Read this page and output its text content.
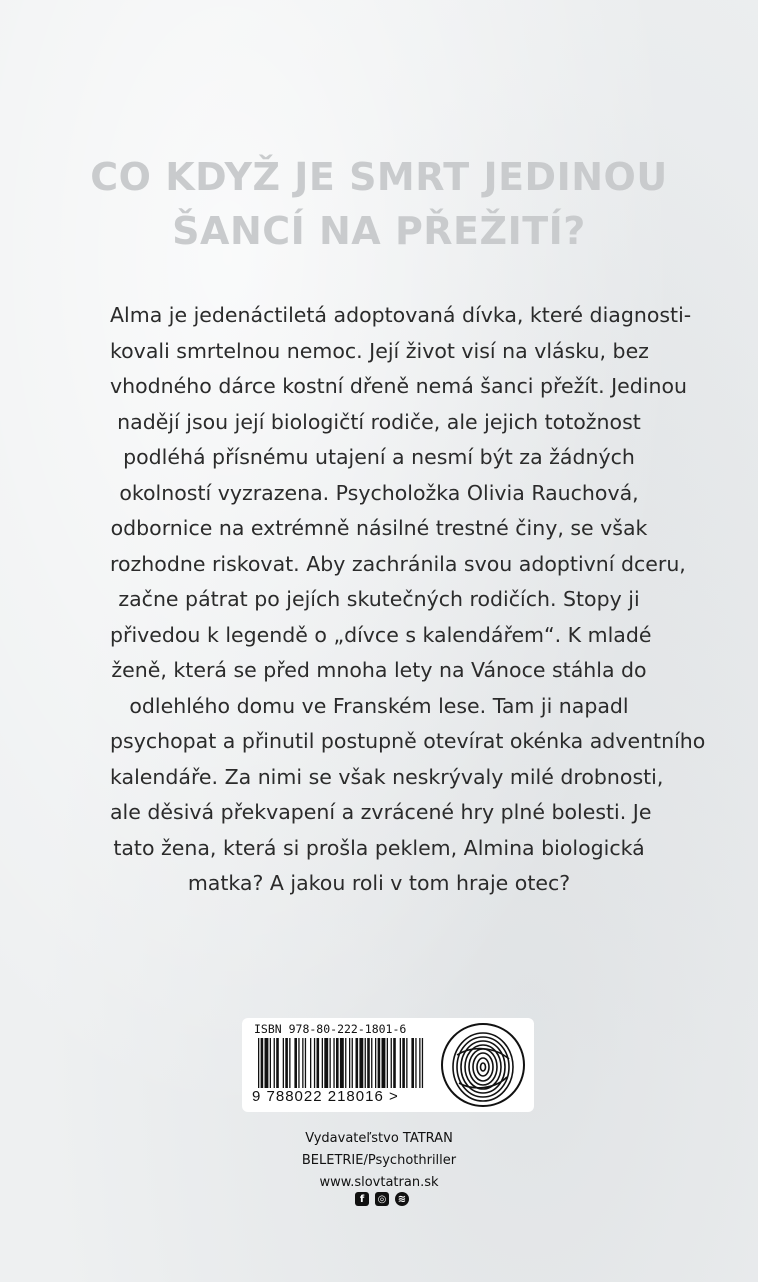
CO KDYŽ JE SMRT JEDINOU
ŠANCÍ NA PŘEŽITÍ?

Alma je jedenáctiletá adoptovaná dívka, které diagnosti-
kovali smrtelnou nemoc. Její život visí na vlásku, bez
vhodného dárce kostní dřeně nemá šanci přežít. Jedinou
nadějí jsou její biologičtí rodiče, ale jejich totožnost
podléhá přísnému utajení a nesmí být za žádných
okolností vyzrazena. Psycholožka Olivia Rauchová,
odbornice na extrémně násilné trestné činy, se však
rozhodne riskovat. Aby zachránila svou adoptivní dceru,
začne pátrat po jejích skutečných rodičích. Stopy ji
přivedou k legendě o „dívce s kalendářem“. K mladé
ženě, která se před mnoha lety na Vánoce stáhla do
odlehlého domu ve Franském lese. Tam ji napadl
psychopat a přinutil postupně otevírat okénka adventního
kalendáře. Za nimi se však neskrývaly milé drobnosti,
ale děsivá překvapení a zvrácené hry plné bolesti. Je
tato žena, která si prošla peklem, Almina biologická
matka? A jakou roli v tom hraje otec?

ISBN 978-80-222-1801-6
9 788022 218016 >
Vydavateľstvo TATRAN
BELETRIE/Psychothriller
www.slovtatran.sk
f	◎ ≋
